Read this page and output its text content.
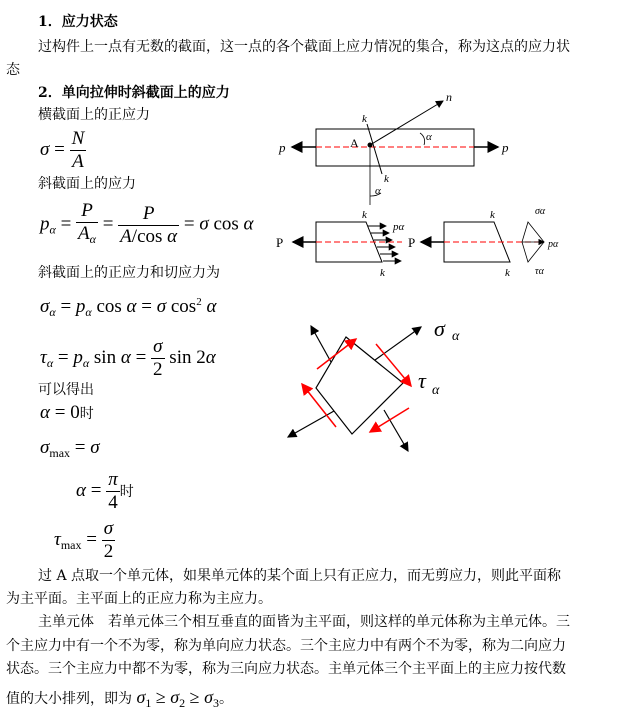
1．应力状态
过构件上一点有无数的截面，这一点的各个截面上应力情况的集合，称为这点的应力状
态
2．单向拉伸时斜截面上的应力
横截面上的正应力
$\sigma = \frac{N}{A}$
斜截面上的应力
$p_\alpha = \frac{P}{A_\alpha} = \frac{P}{\text{A/cos α}} = \sigma$ cos α
斜截面上的正应力和切应力为
$\sigma_\alpha = p_\alpha$ cos α = σ $\cos^2 \alpha$
$\tau_\alpha = p_\alpha$ $\sin \alpha = \frac{\sigma}{2}$ sin 2α
可以得出
α = 0时
$\sigma_{max} = \sigma$
$\alpha = \frac{\pi}{4}$ 时
$\tau_{max} = \frac{\sigma}{2}$
过 A 点取一个单元体，如果单元体的某个面上只有正应力，而无剪应力，则此平面称
为主平面。主平面上的正应力称为主应力。
主单元体　若单元体三个相互垂直的面皆为主平面，则这样的单元体称为主单元体。三
个主应力中有一个不为零，称为单向应力状态。三个主应力中有两个不为零，称为二向应力
状态。三个主应力中都不为零，称为三向应力状态。主单元体三个主平面上的主应力按代数
值的大小排列，即为 $\sigma_1 \ge \sigma_2 \ge \sigma_3$。
p	p
k
k
A
n
α
α
P
k
k
pα
P
k
k
σα
pα
τα
σ α
τ α
